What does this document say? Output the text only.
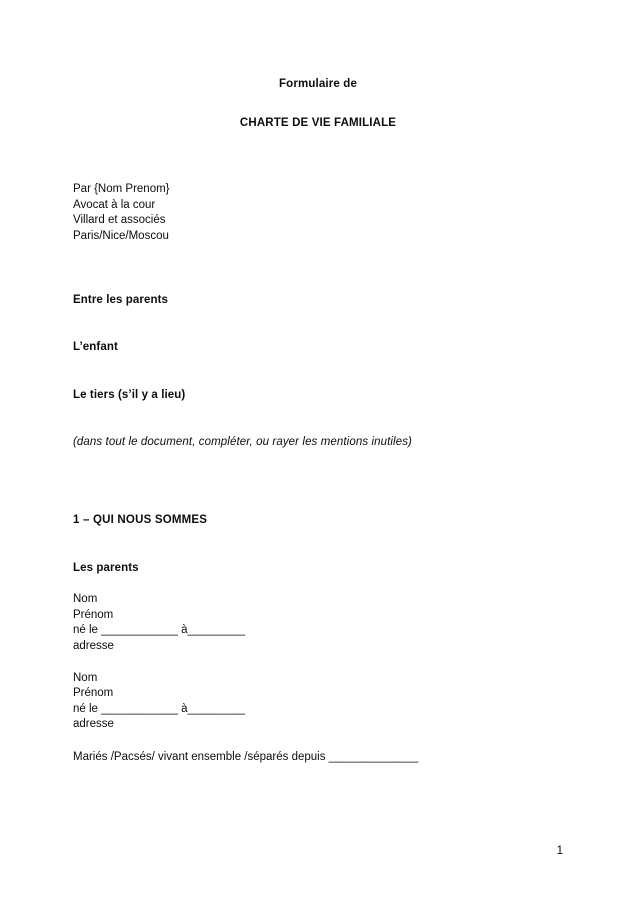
Formulaire de
CHARTE DE VIE FAMILIALE
Par {Nom Prenom}
Avocat à la cour
Villard et associés
Paris/Nice/Moscou
Entre les parents
L’enfant
Le tiers (s’il y a lieu)
(dans tout le document, compléter, ou rayer les mentions inutiles)
1 – QUI NOUS SOMMES
Les parents
Nom
Prénom
né le ____________ à_________
adresse
Nom
Prénom
né le ____________ à_________
adresse
Mariés /Pacsés/ vivant ensemble /séparés depuis ______________
1
